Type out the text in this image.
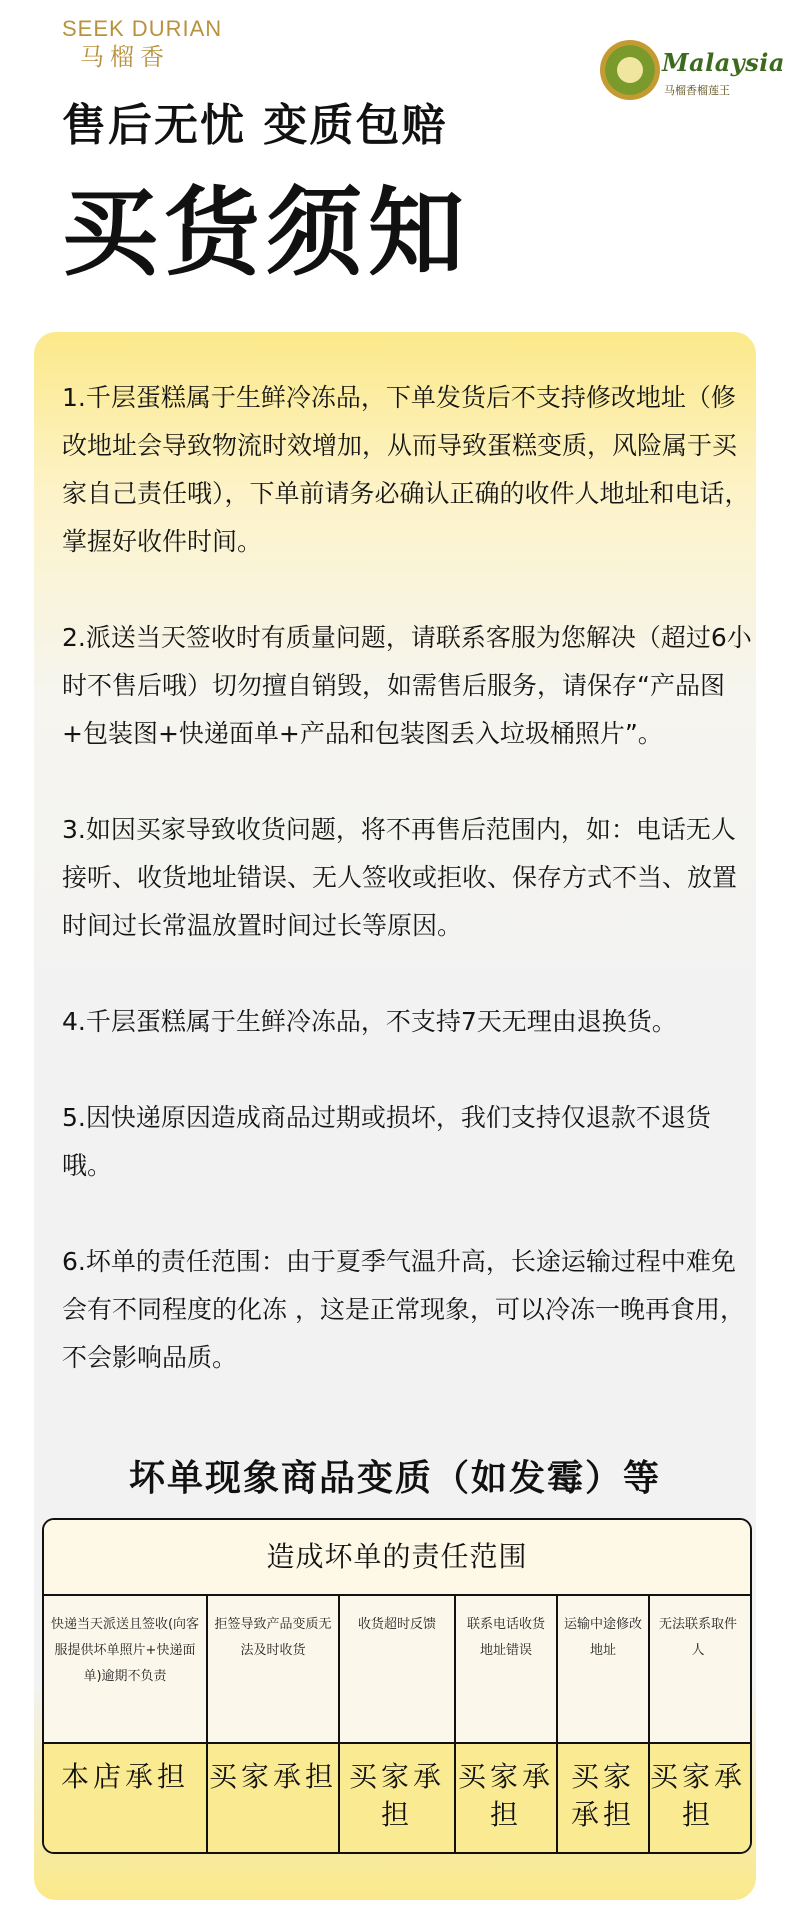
SEEK DURIAN
马榴香	Malaysia
马榴香榴莲王
售后无忧 变质包赔
买货须知

1.千层蛋糕属于生鲜冷冻品，下单发货后不支持修改地址（修改地址会导致物流时效增加，从而导致蛋糕变质，风险属于买家自己责任哦），下单前请务必确认正确的收件人地址和电话，掌握好收件时间。

2.派送当天签收时有质量问题，请联系客服为您解决（超过6小时不售后哦）切勿擅自销毁，如需售后服务，请保存“产品图+包装图+快递面单+产品和包装图丢入垃圾桶照片”。

3.如因买家导致收货问题，将不再售后范围内，如：电话无人接听、收货地址错误、无人签收或拒收、保存方式不当、放置时间过长常温放置时间过长等原因。

4.千层蛋糕属于生鲜冷冻品，不支持7天无理由退换货。

5.因快递原因造成商品过期或损坏，我们支持仅退款不退货哦。

6.坏单的责任范围：由于夏季气温升高，长途运输过程中难免会有不同程度的化冻 ，这是正常现象，可以冷冻一晚再食用，不会影响品质。

坏单现象商品变质（如发霉）等
造成坏单的责任范围
快递当天派送且签收(向客服提供坏单照片+快递面单)逾期不负责
拒签导致产品变质无法及时收货
收货超时反馈	联系电话收货地址错误
运输中途修改地址
无法联系取件人
本店承担 买家承担 买家承担
买家承担
买家承担
买家承担
